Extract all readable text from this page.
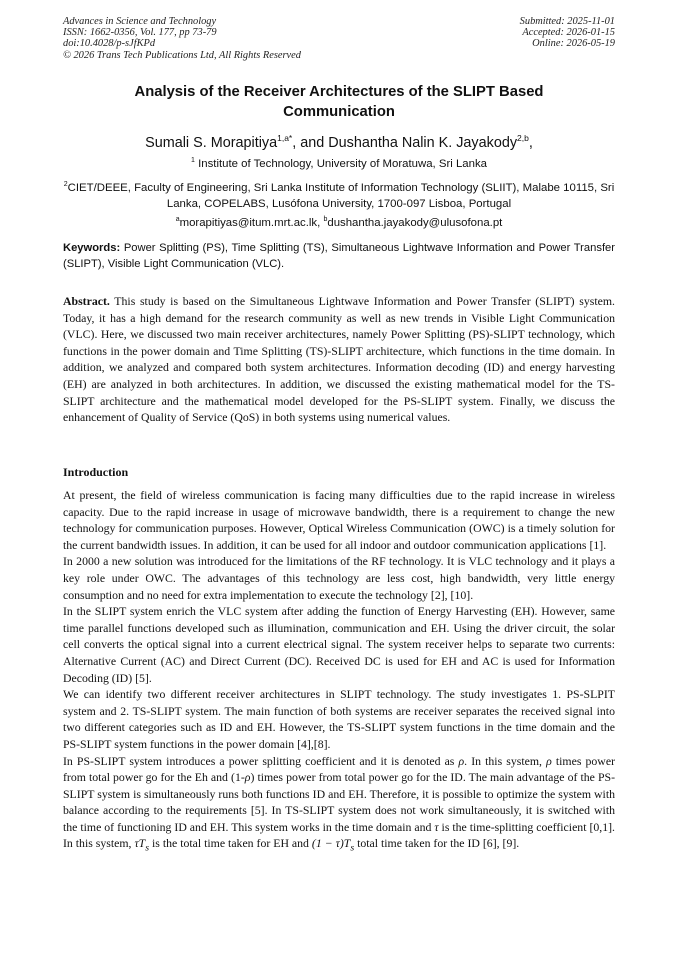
Advances in Science and Technology
ISSN: 1662-0356, Vol. 177, pp 73-79
doi:10.4028/p-sJfKPd
© 2026 Trans Tech Publications Ltd, All Rights Reserved
Submitted: 2025-11-01
Accepted: 2026-01-15
Online: 2026-05-19
Analysis of the Receiver Architectures of the SLIPT Based Communication
Sumali S. Morapitiya$^{1,a*}$, and Dushantha Nalin K. Jayakody$^{2,b}$,
$^1$ Institute of Technology, University of Moratuwa, Sri Lanka
$^2$CIET/DEEE, Faculty of Engineering, Sri Lanka Institute of Information Technology (SLIIT), Malabe 10115, Sri Lanka, COPELABS, Lusófona University, 1700-097 Lisboa, Portugal
$^a$morapitiyas@itum.mrt.ac.lk, $^b$dushantha.jayakody@ulusofona.pt
Keywords: Power Splitting (PS), Time Splitting (TS), Simultaneous Lightwave Information and Power Transfer (SLIPT), Visible Light Communication (VLC).
Abstract. This study is based on the Simultaneous Lightwave Information and Power Transfer (SLIPT) system. Today, it has a high demand for the research community as well as new trends in Visible Light Communication (VLC). Here, we discussed two main receiver architectures, namely Power Splitting (PS)-SLIPT technology, which functions in the power domain and Time Splitting (TS)-SLIPT architecture, which functions in the time domain. In addition, we analyzed and compared both system architectures. Information decoding (ID) and energy harvesting (EH) are analyzed in both architectures. In addition, we discussed the existing mathematical model for the TS-SLIPT architecture and the mathematical model developed for the PS-SLIPT system. Finally, we discuss the enhancement of Quality of Service (QoS) in both systems using numerical values.
Introduction

At present, the field of wireless communication is facing many difficulties due to the rapid increase in wireless capacity. Due to the rapid increase in usage of microwave bandwidth, there is a requirement to change the new technology for communication purposes. However, Optical Wireless Communication (OWC) is a timely solution for the current bandwidth issues. In addition, it can be used for all indoor and outdoor communication applications [1].

In 2000 a new solution was introduced for the limitations of the RF technology. It is VLC technology and it plays a key role under OWC. The advantages of this technology are less cost, high bandwidth, very little energy consumption and no need for extra implementation to execute the technology [2], [10].

In the SLIPT system enrich the VLC system after adding the function of Energy Harvesting (EH). However, same time parallel functions developed such as illumination, communication and EH. Using the driver circuit, the solar cell converts the optical signal into a current electrical signal. The system receiver helps to separate two currents: Alternative Current (AC) and Direct Current (DC). Received DC is used for EH and AC is used for Information Decoding (ID) [5].

We can identify two different receiver architectures in SLIPT technology. The study investigates 1. PS-SLPIT system and 2. TS-SLIPT system. The main function of both systems are receiver separates the received signal into two different categories such as ID and EH. However, the TS-SLIPT system functions in the time domain and the PS-SLIPT system functions in the power domain [4],[8].

In PS-SLIPT system introduces a power splitting coefficient and it is denoted as ρ. In this system, ρ times power from total power go for the Eh and (1-ρ) times power from total power go for the ID. The main advantage of the PS-SLIPT system is simultaneously runs both functions ID and EH. Therefore, it is possible to optimize the system with balance according to the requirements [5]. In TS-SLIPT system does not work simultaneously, it is switched with the time of functioning ID and EH. This system works in the time domain and τ is the time-splitting coefficient [0,1]. In this system, $\tau T_s$ is the total time taken for EH and $(1 - \tau)T_s$ total time taken for the ID [6], [9].
